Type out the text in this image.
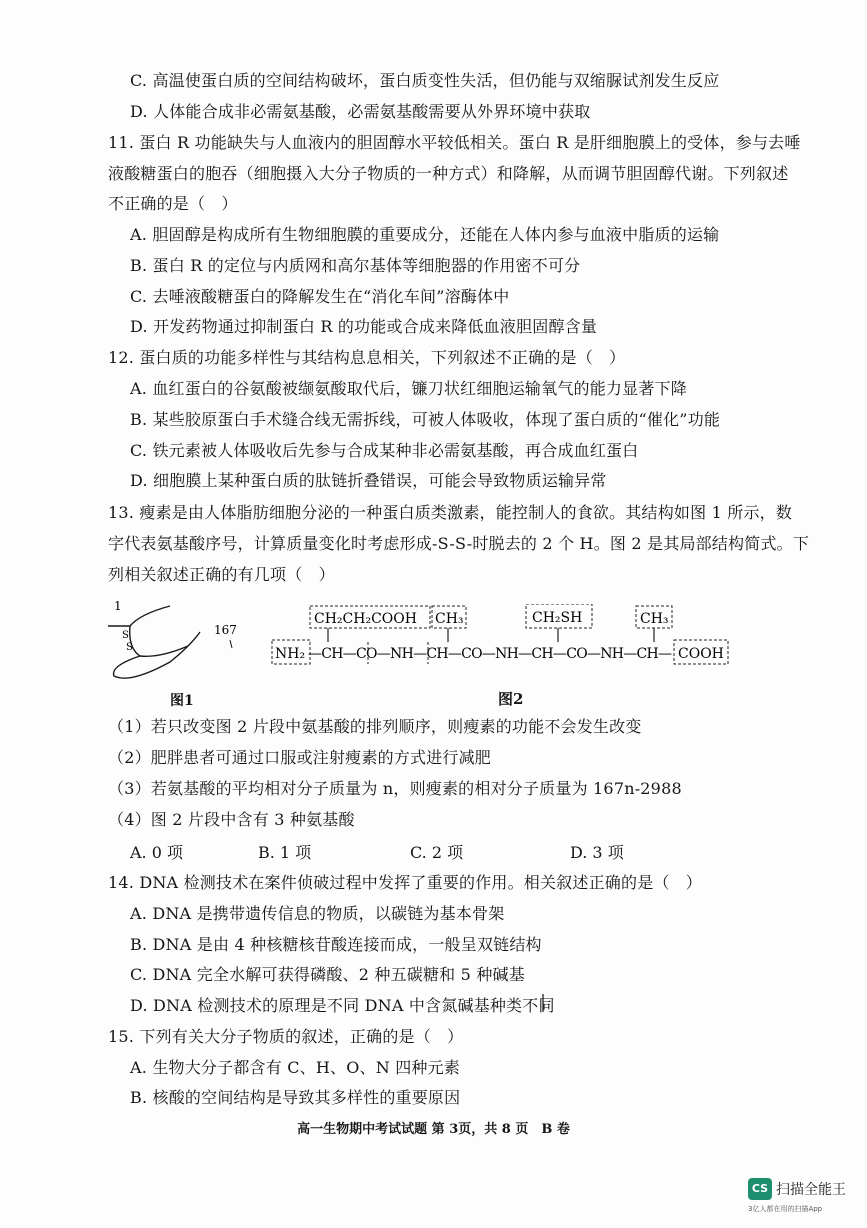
C. 高温使蛋白质的空间结构破坏，蛋白质变性失活，但仍能与双缩脲试剂发生反应
D. 人体能合成非必需氨基酸，必需氨基酸需要从外界环境中获取
11. 蛋白 R 功能缺失与人血液内的胆固醇水平较低相关。蛋白 R 是肝细胞膜上的受体，参与去唾
液酸糖蛋白的胞吞（细胞摄入大分子物质的一种方式）和降解，从而调节胆固醇代谢。下列叙述
不正确的是（　）
A. 胆固醇是构成所有生物细胞膜的重要成分，还能在人体内参与血液中脂质的运输
B. 蛋白 R 的定位与内质网和高尔基体等细胞器的作用密不可分
C. 去唾液酸糖蛋白的降解发生在“消化车间”溶酶体中
D. 开发药物通过抑制蛋白 R 的功能或合成来降低血液胆固醇含量
12. 蛋白质的功能多样性与其结构息息相关，下列叙述不正确的是（　）
A. 血红蛋白的谷氨酸被缬氨酸取代后，镰刀状红细胞运输氧气的能力显著下降
B. 某些胶原蛋白手术缝合线无需拆线，可被人体吸收，体现了蛋白质的“催化”功能
C. 铁元素被人体吸收后先参与合成某种非必需氨基酸，再合成血红蛋白
D. 细胞膜上某种蛋白质的肽链折叠错误，可能会导致物质运输异常
13. 瘦素是由人体脂肪细胞分泌的一种蛋白质类激素，能控制人的食欲。其结构如图 1 所示，数
字代表氨基酸序号，计算质量变化时考虑形成-S-S-时脱去的 2 个 H。图 2 是其局部结构简式。下
列相关叙述正确的有几项（　）
1
S
S
167
CH₂CH₂COOH CH₃	CH₂SH	CH₃
NH₂ —CH—CO—NH—CH—CO—NH—CH—CO—NH—CH— COOH
图1	图2
（1）若只改变图 2 片段中氨基酸的排列顺序，则瘦素的功能不会发生改变
（2）肥胖患者可通过口服或注射瘦素的方式进行减肥
（3）若氨基酸的平均相对分子质量为 n，则瘦素的相对分子质量为 167n-2988
（4）图 2 片段中含有 3 种氨基酸
A. 0 项	B. 1 项	C. 2 项	D. 3 项
14. DNA 检测技术在案件侦破过程中发挥了重要的作用。相关叙述正确的是（　）
A. DNA 是携带遗传信息的物质，以碳链为基本骨架
B. DNA 是由 4 种核糖核苷酸连接而成，一般呈双链结构
C. DNA 完全水解可获得磷酸、2 种五碳糖和 5 种碱基
D. DNA 检测技术的原理是不同 DNA 中含氮碱基种类不同
15. 下列有关大分子物质的叙述，正确的是（　）
A. 生物大分子都含有 C、H、O、N 四种元素
B. 核酸的空间结构是导致其多样性的重要原因
高一生物期中考试试题 第 3页，共 8 页　B 卷
CS 扫描全能王
3亿人都在用的扫描App
